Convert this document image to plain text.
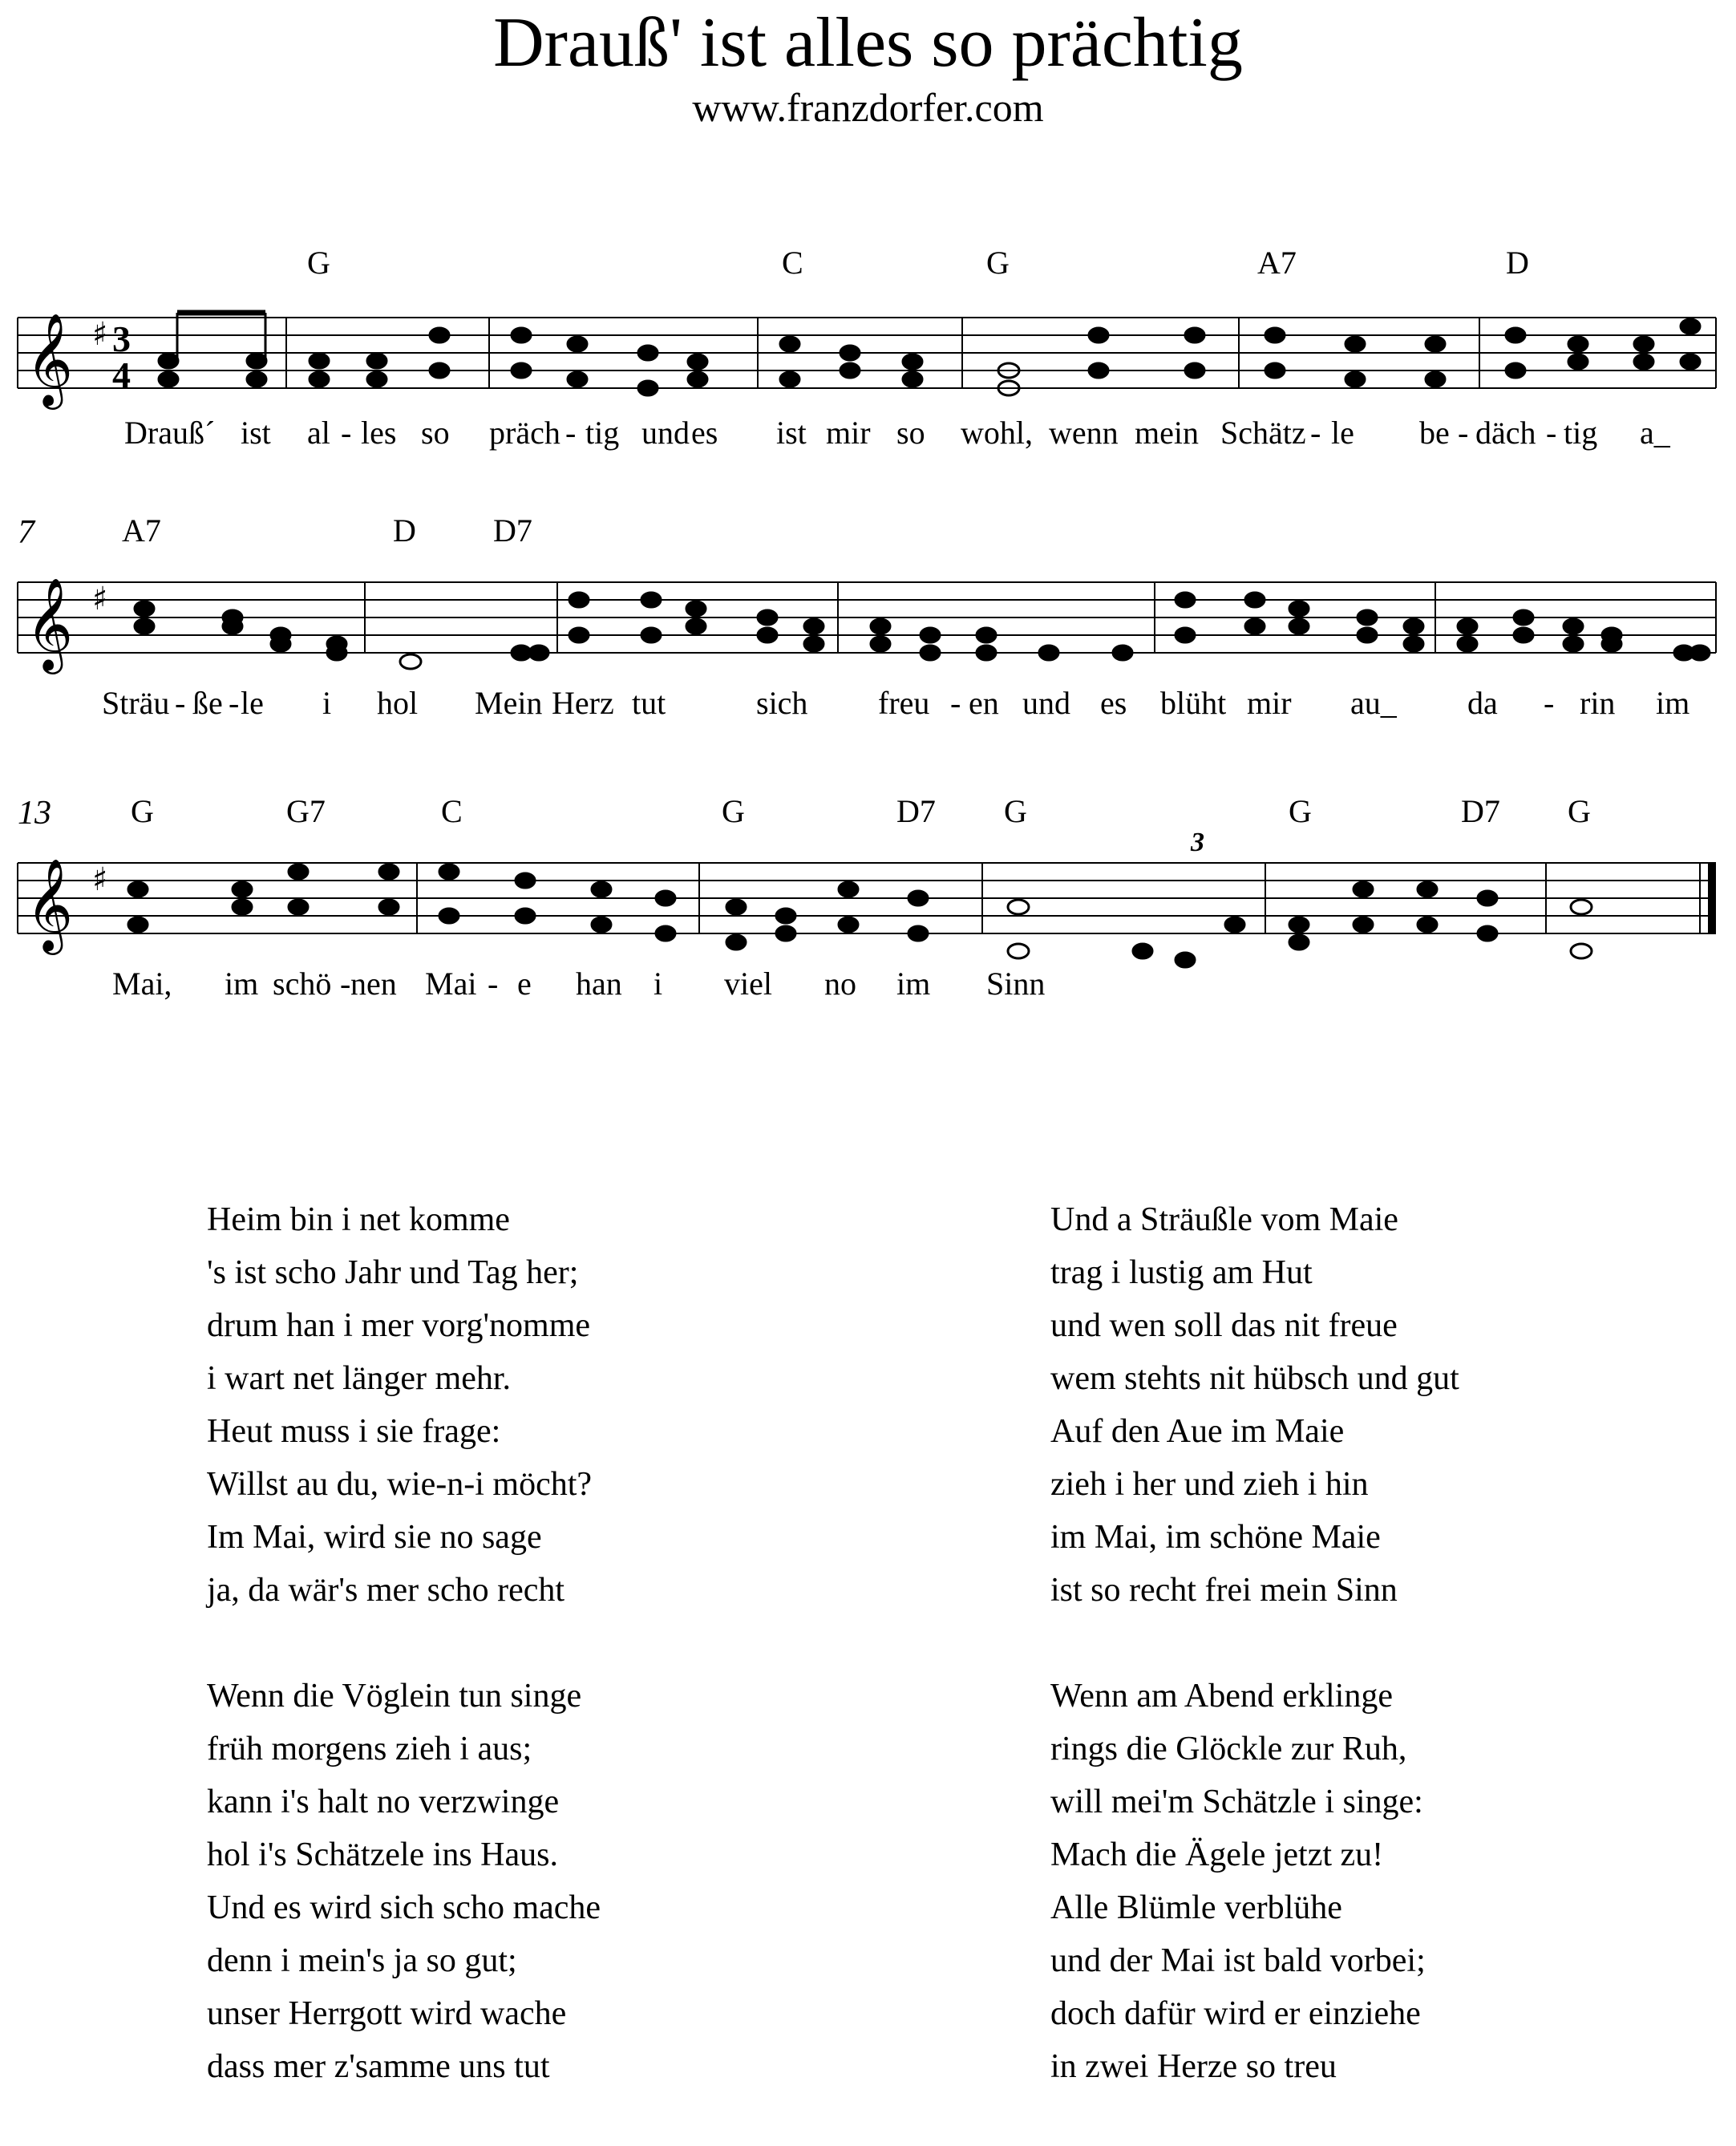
Drauß' ist alles so prächtig
www.franzdorfer.com
G	C	G	A7	D
𝄞 ♯ 3
4
Drauß´ ist al - les so präch - tig und es ist mir so wohl, wenn mein Schätz - le be - däch - tig a_
7	A7	D D7
𝄞 ♯
Sträu - ße - le i hol Mein Herz tut	sich freu - en und es blüht mir au_ da - rin im
13 G	G7	C	G	D7 G	G	D7 G
3
𝄞 ♯
Mai, im schö - nen Mai - e han i viel no im Sinn
Heim bin i net komme
's ist scho Jahr und Tag her;
drum han i mer vorg'nomme
i wart net länger mehr.
Heut muss i sie frage:
Willst au du, wie-n-i möcht?
Im Mai, wird sie no sage
ja, da wär's mer scho recht
Wenn die Vöglein tun singe
früh morgens zieh i aus;
kann i's halt no verzwinge
hol i's Schätzele ins Haus.
Und es wird sich scho mache
denn i mein's ja so gut;
unser Herrgott wird wache
dass mer z'samme uns tut
Und a Sträußle vom Maie
trag i lustig am Hut
und wen soll das nit freue
wem stehts nit hübsch und gut
Auf den Aue im Maie
zieh i her und zieh i hin
im Mai, im schöne Maie
ist so recht frei mein Sinn
Wenn am Abend erklinge
rings die Glöckle zur Ruh,
will mei'm Schätzle i singe:
Mach die Ägele jetzt zu!
Alle Blümle verblühe
und der Mai ist bald vorbei;
doch dafür wird er einziehe
in zwei Herze so treu
